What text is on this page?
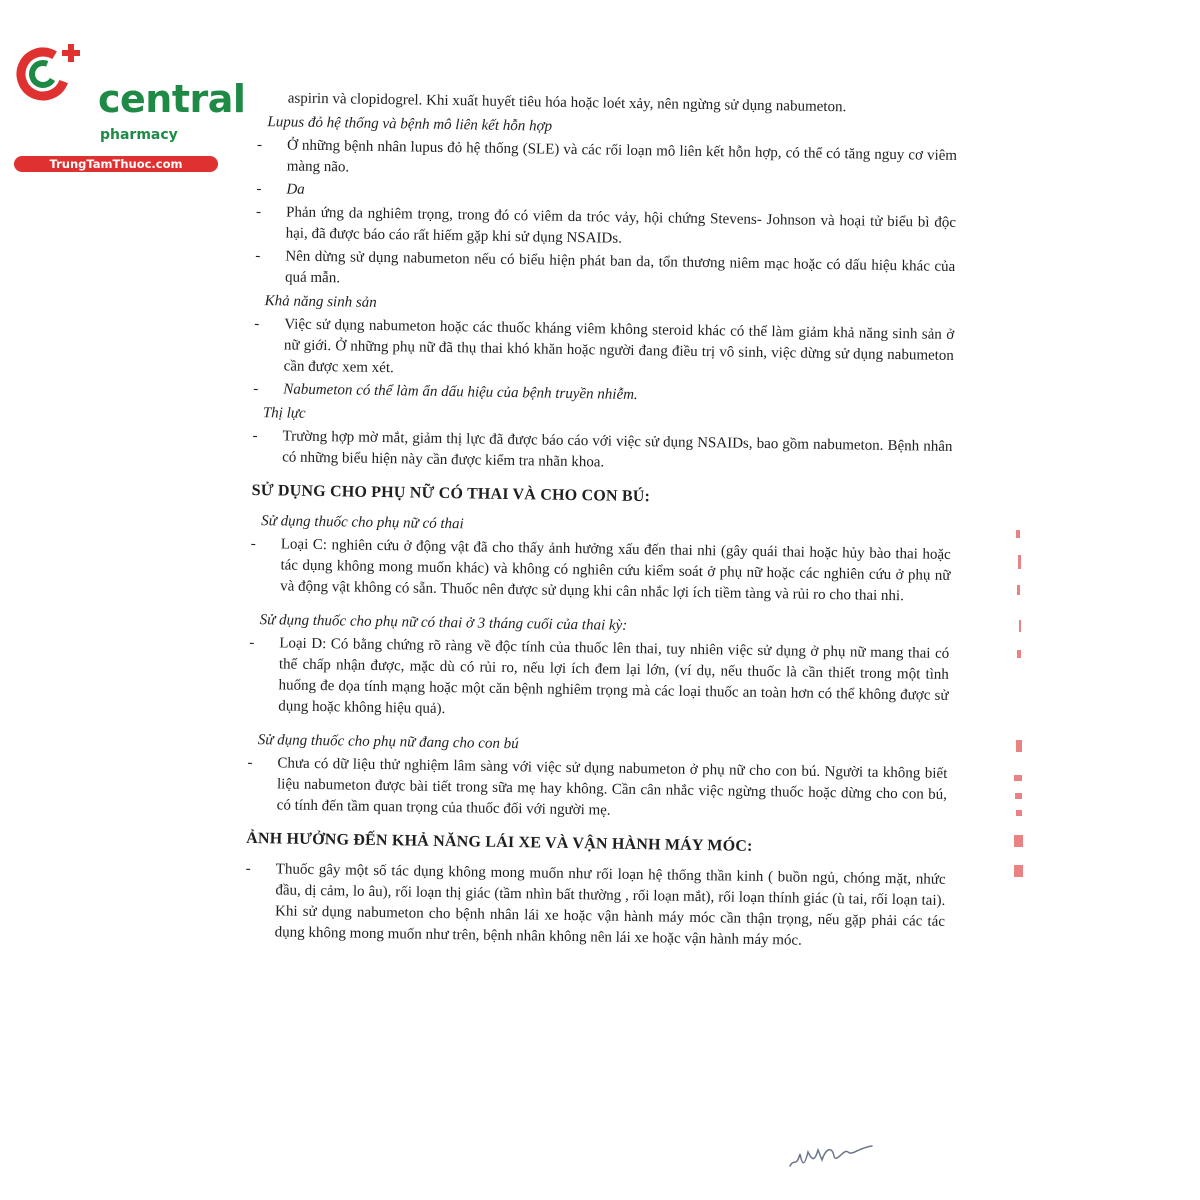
central
pharmacy
TrungTamThuoc.com

aspirin và clopidogrel. Khi xuất huyết tiêu hóa hoặc loét xảy, nên ngừng sử dụng nabumeton.

Lupus đỏ hệ thống và bệnh mô liên kết hỗn hợp

- Ở những bệnh nhân lupus đỏ hệ thống (SLE) và các rối loạn mô liên kết hỗn hợp, có thể có tăng nguy cơ viêm màng não.
- Da
- Phản ứng da nghiêm trọng, trong đó có viêm da tróc vảy, hội chứng Stevens- Johnson và hoại tử biểu bì độc hại, đã được báo cáo rất hiếm gặp khi sử dụng NSAIDs.
- Nên dừng sử dụng nabumeton nếu có biểu hiện phát ban da, tổn thương niêm mạc hoặc có dấu hiệu khác của quá mẫn.

Khả năng sinh sản

- Việc sử dụng nabumeton hoặc các thuốc kháng viêm không steroid khác có thể làm giảm khả năng sinh sản ở nữ giới. Ở những phụ nữ đã thụ thai khó khăn hoặc người đang điều trị vô sinh, việc dừng sử dụng nabumeton cần được xem xét.
- Nabumeton có thể làm ẩn dấu hiệu của bệnh truyền nhiễm.

Thị lực

- Trường hợp mờ mắt, giảm thị lực đã được báo cáo với việc sử dụng NSAIDs, bao gồm nabumeton. Bệnh nhân có những biểu hiện này cần được kiểm tra nhãn khoa.

SỬ DỤNG CHO PHỤ NỮ CÓ THAI VÀ CHO CON BÚ:

Sử dụng thuốc cho phụ nữ có thai

- Loại C: nghiên cứu ở động vật đã cho thấy ảnh hưởng xấu đến thai nhi (gây quái thai hoặc hủy bào thai hoặc tác dụng không mong muốn khác) và không có nghiên cứu kiểm soát ở phụ nữ hoặc các nghiên cứu ở phụ nữ và động vật không có sẵn. Thuốc nên được sử dụng khi cân nhắc lợi ích tiềm tàng và rủi ro cho thai nhi.

Sử dụng thuốc cho phụ nữ có thai ở 3 tháng cuối của thai kỳ:

- Loại D: Có bằng chứng rõ ràng về độc tính của thuốc lên thai, tuy nhiên việc sử dụng ở phụ nữ mang thai có thể chấp nhận được, mặc dù có rủi ro, nếu lợi ích đem lại lớn, (ví dụ, nếu thuốc là cần thiết trong một tình huống đe dọa tính mạng hoặc một căn bệnh nghiêm trọng mà các loại thuốc an toàn hơn có thể không được sử dụng hoặc không hiệu quả).

Sử dụng thuốc cho phụ nữ đang cho con bú

- Chưa có dữ liệu thử nghiệm lâm sàng với việc sử dụng nabumeton ở phụ nữ cho con bú. Người ta không biết liệu nabumeton được bài tiết trong sữa mẹ hay không. Cần cân nhắc việc ngừng thuốc hoặc dừng cho con bú, có tính đến tầm quan trọng của thuốc đối với người mẹ.

ẢNH HƯỞNG ĐẾN KHẢ NĂNG LÁI XE VÀ VẬN HÀNH MÁY MÓC:

- Thuốc gây một số tác dụng không mong muốn như rối loạn hệ thống thần kinh ( buồn ngủ, chóng mặt, nhức đầu, dị cảm, lo âu), rối loạn thị giác (tầm nhìn bất thường , rối loạn mắt), rối loạn thính giác (ù tai, rối loạn tai). Khi sử dụng nabumeton cho bệnh nhân lái xe hoặc vận hành máy móc cần thận trọng, nếu gặp phải các tác dụng không mong muốn như trên, bệnh nhân không nên lái xe hoặc vận hành máy móc.
